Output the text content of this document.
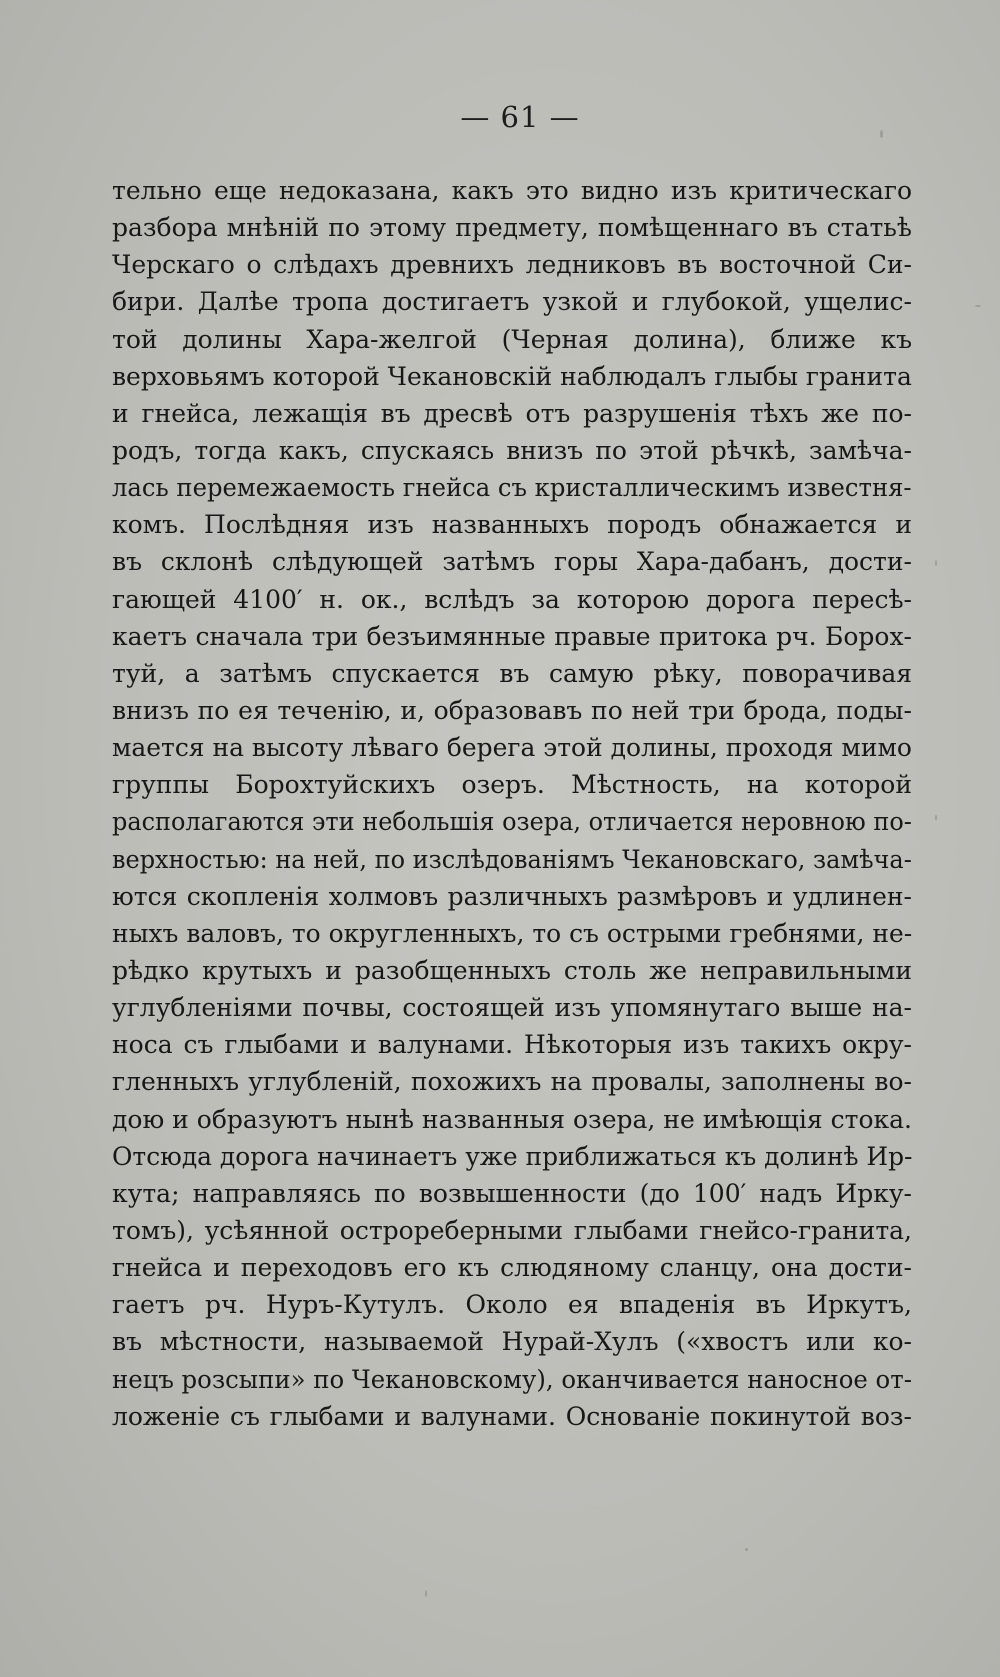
— 61 —
тельно еще недоказана, какъ это видно изъ критическаго
разбора мнѣній по этому предмету, помѣщеннаго въ статьѣ
Черскаго о слѣдахъ древнихъ ледниковъ въ восточной Си-
бири. Далѣе тропа достигаетъ узкой и глубокой, ущелис-
той долины Хара-желгой (Черная долина), ближе къ
верховьямъ которой Чекановскій наблюдалъ глыбы гранита
и гнейса, лежащія въ дресвѣ отъ разрушенія тѣхъ же по-
родъ, тогда какъ, спускаясь внизъ по этой рѣчкѣ, замѣча-
лась перемежаемость гнейса съ кристаллическимъ известня-
комъ. Послѣдняя изъ названныхъ породъ обнажается и
въ склонѣ слѣдующей затѣмъ горы Хара-дабанъ, дости-
гающей 4100′ н. ок., вслѣдъ за которою дорога пересѣ-
каетъ сначала три безъимянные правые притока рч. Борох-
туй, а затѣмъ спускается въ самую рѣку, поворачивая
внизъ по ея теченію, и, образовавъ по ней три брода, поды-
мается на высоту лѣваго берега этой долины, проходя мимо
группы Борохтуйскихъ озеръ. Мѣстность, на которой
располагаются эти небольшія озера, отличается неровною по-
верхностью: на ней, по изслѣдованіямъ Чекановскаго, замѣча-
ются скопленія холмовъ различныхъ размѣровъ и удлинен-
ныхъ валовъ, то округленныхъ, то съ острыми гребнями, не-
рѣдко крутыхъ и разобщенныхъ столь же неправильными
углубленіями почвы, состоящей изъ упомянутаго выше на-
носа съ глыбами и валунами. Нѣкоторыя изъ такихъ окру-
гленныхъ углубленій, похожихъ на провалы, заполнены во-
дою и образуютъ нынѣ названныя озера, не имѣющія стока.
Отсюда дорога начинаетъ уже приближаться къ долинѣ Ир-
кута; направляясь по возвышенности (до 100′ надъ Ирку-
томъ), усѣянной остроребeрными глыбами гнейсо-гранита,
гнейса и переходовъ его къ слюдяному сланцу, она дости-
гаетъ рч. Нуръ-Кутулъ. Около ея впаденія въ Иркутъ,
въ мѣстности, называемой Нурай-Хулъ («хвостъ или ко-
нецъ розсыпи» по Чекановскому), оканчивается наносное от-
ложеніе съ глыбами и валунами. Основаніе покинутой воз-
